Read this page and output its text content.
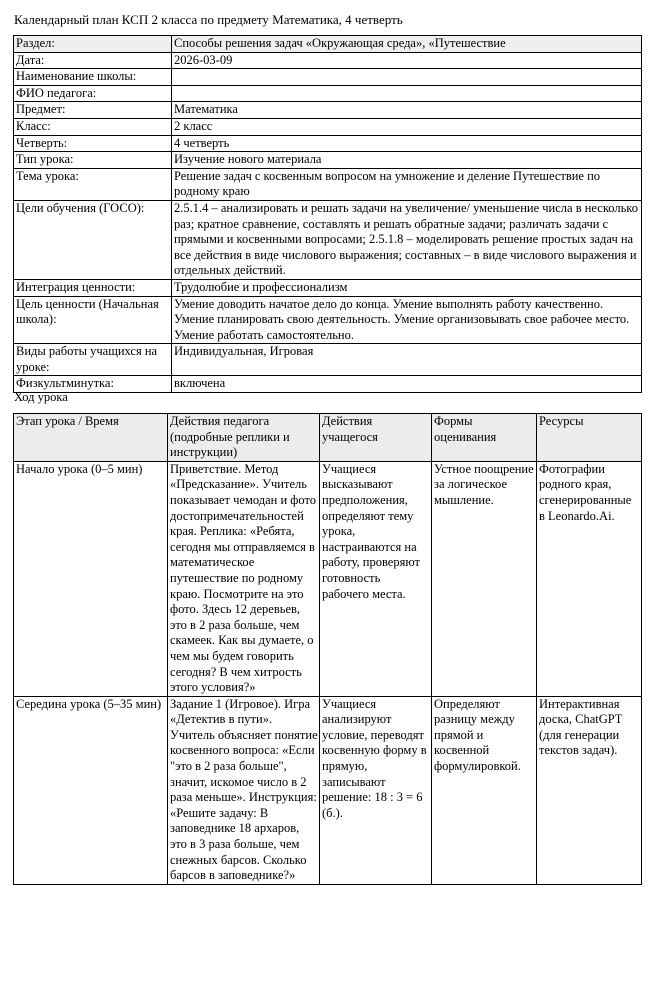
Календарный план КСП 2 класса по предмету Математика, 4 четверть
Раздел:	Способы решения задач «Окружающая среда», «Путешествие
Дата:	2026-03-09
Наименование школы:	
ФИО педагога:	
Предмет:	Математика
Класс:	2 класс
Четверть:	4 четверть
Тип урока:	Изучение нового материала
Тема урока:	Решение задач с косвенным вопросом на умножение и деление Путешествие по родному краю
Цели обучения (ГОСО):	2.5.1.4 – анализировать и решать задачи на увеличение/ уменьшение числа в несколько раз; кратное сравнение, составлять и решать обратные задачи; различать задачи с прямыми и косвенными вопросами; 2.5.1.8 – моделировать решение простых задач на все действия в виде числового выражения; составных – в виде числового выражения и отдельных действий.
Интеграция ценности:	Трудолюбие и профессионализм
Цель ценности (Начальная школа):	Умение доводить начатое дело до конца. Умение выполнять работу качественно. Умение планировать свою деятельность. Умение организовывать свое рабочее место. Умение работать самостоятельно.
Виды работы учащихся на уроке:	Индивидуальная, Игровая
Физкультминутка:	включена
Ход урока
Этап урока / Время	Действия педагога (подробные реплики и инструкции)	Действия учащегося	Формы оценивания	Ресурсы
Начало урока (0–5 мин)	Приветствие. Метод «Предсказание». Учитель показывает чемодан и фото достопримечательностей края. Реплика: «Ребята, сегодня мы отправляемся в математическое путешествие по родному краю. Посмотрите на это фото. Здесь 12 деревьев, это в 2 раза больше, чем скамеек. Как вы думаете, о чем мы будем говорить сегодня? В чем хитрость этого условия?»	Учащиеся высказывают предположения, определяют тему урока, настраиваются на работу, проверяют готовность рабочего места.	Устное поощрение за логическое мышление.	Фотографии родного края, сгенерированные в Leonardo.Ai.
Середина урока (5–35 мин)	Задание 1 (Игровое). Игра «Детектив в пути». Учитель объясняет понятие косвенного вопроса: «Если "это в 2 раза больше", значит, искомое число в 2 раза меньше». Инструкция: «Решите задачу: В заповеднике 18 архаров, это в 3 раза больше, чем снежных барсов. Сколько барсов в заповеднике?»	Учащиеся анализируют условие, переводят косвенную форму в прямую, записывают решение: 18 : 3 = 6 (б.).	Определяют разницу между прямой и косвенной формулировкой.	Интерактивная доска, ChatGPT (для генерации текстов задач).
